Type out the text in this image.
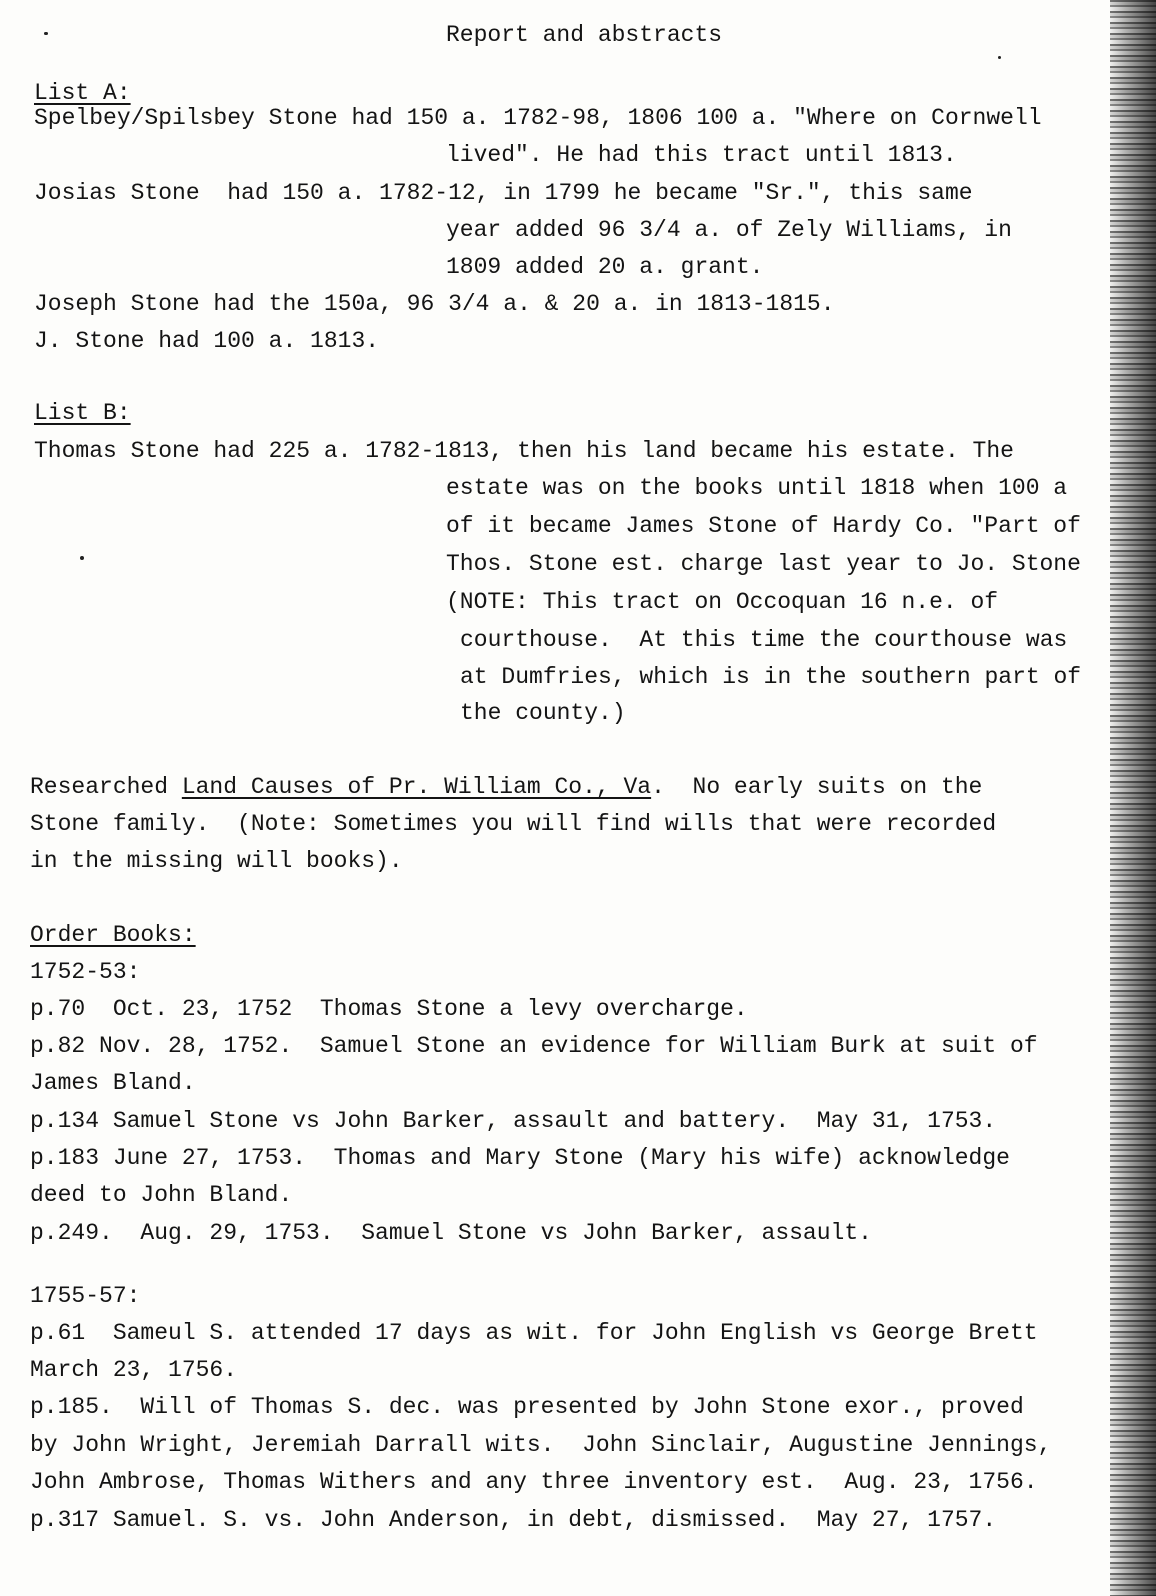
Report and abstracts
List A:
Spelbey/Spilsbey Stone had 150 a. 1782-98, 1806 100 a. "Where on Cornwell
lived". He had this tract until 1813.
Josias Stone  had 150 a. 1782-12, in 1799 he became "Sr.", this same
year added 96 3/4 a. of Zely Williams, in
1809 added 20 a. grant.
Joseph Stone had the 150a, 96 3/4 a. & 20 a. in 1813-1815.
J. Stone had 100 a. 1813.
List B:
Thomas Stone had 225 a. 1782-1813, then his land became his estate. The
estate was on the books until 1818 when 100 a
of it became James Stone of Hardy Co. "Part of
Thos. Stone est. charge last year to Jo. Stone
(NOTE: This tract on Occoquan 16 n.e. of
courthouse.  At this time the courthouse was
at Dumfries, which is in the southern part of
the county.)
Researched Land Causes of Pr. William Co., Va.  No early suits on the
Stone family.  (Note: Sometimes you will find wills that were recorded
in the missing will books).
Order Books:
1752-53:
p.70  Oct. 23, 1752  Thomas Stone a levy overcharge.
p.82 Nov. 28, 1752.  Samuel Stone an evidence for William Burk at suit of
James Bland.
p.134 Samuel Stone vs John Barker, assault and battery.  May 31, 1753.
p.183 June 27, 1753.  Thomas and Mary Stone (Mary his wife) acknowledge
deed to John Bland.
p.249.  Aug. 29, 1753.  Samuel Stone vs John Barker, assault.
1755-57:
p.61  Sameul S. attended 17 days as wit. for John English vs George Brett
March 23, 1756.
p.185.  Will of Thomas S. dec. was presented by John Stone exor., proved
by John Wright, Jeremiah Darrall wits.  John Sinclair, Augustine Jennings,
John Ambrose, Thomas Withers and any three inventory est.  Aug. 23, 1756.
p.317 Samuel. S. vs. John Anderson, in debt, dismissed.  May 27, 1757.
